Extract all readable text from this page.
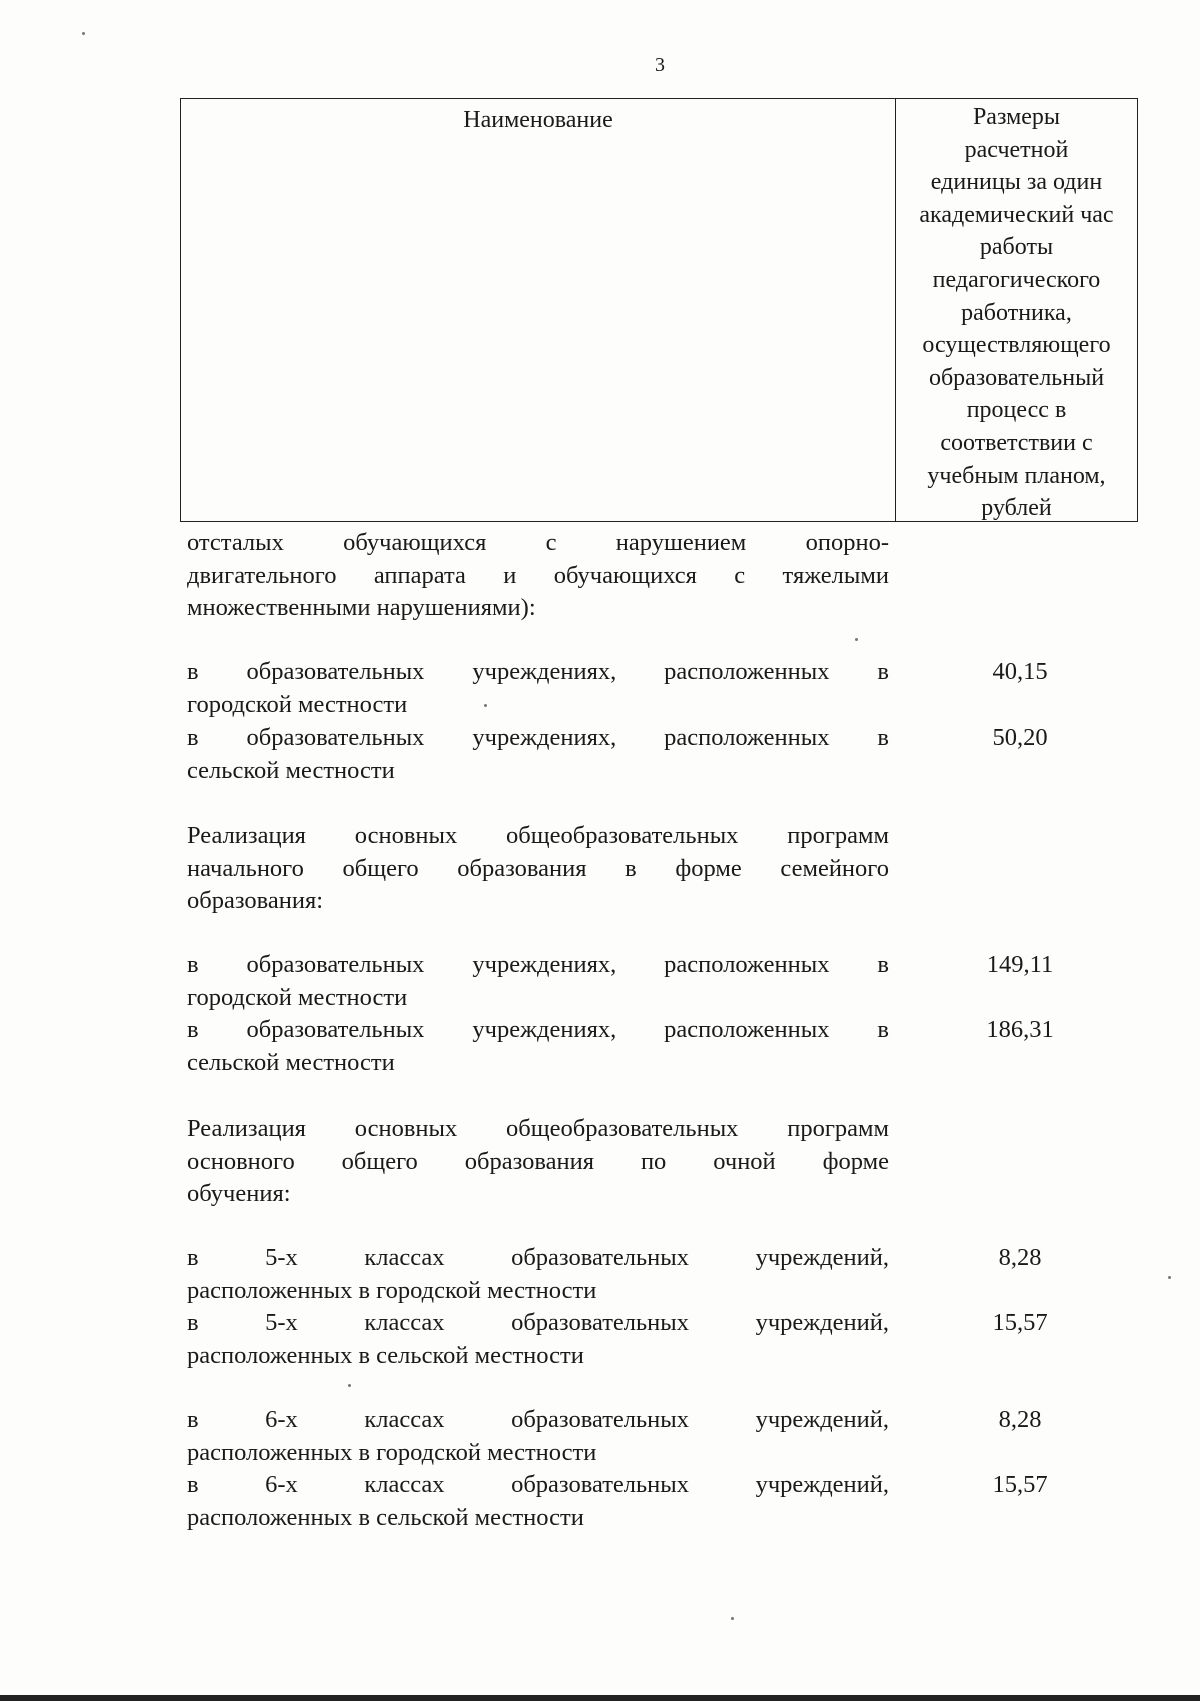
3
Наименование	Размеры
расчетной
единицы за один
академический час
работы
педагогического
работника,
осуществляющего
образовательный
процесс в
соответствии с
учебным планом,
рублей
отсталых обучающихся с нарушением опорно-
двигательного аппарата и обучающихся с тяжелыми
множественными нарушениями):
в образовательных учреждениях, расположенных в
городской местности
40,15
в образовательных учреждениях, расположенных в
сельской местности
50,20
Реализация основных общеобразовательных программ
начального общего образования в форме семейного
образования:
в образовательных учреждениях, расположенных в
городской местности
149,11
в образовательных учреждениях, расположенных в
сельской местности
186,31
Реализация основных общеобразовательных программ
основного общего образования по очной форме
обучения:
в 5-х классах образовательных учреждений,
расположенных в городской местности
8,28
в 5-х классах образовательных учреждений,
расположенных в сельской местности
15,57
в 6-х классах образовательных учреждений,
расположенных в городской местности
8,28
в 6-х классах образовательных учреждений,
расположенных в сельской местности
15,57
